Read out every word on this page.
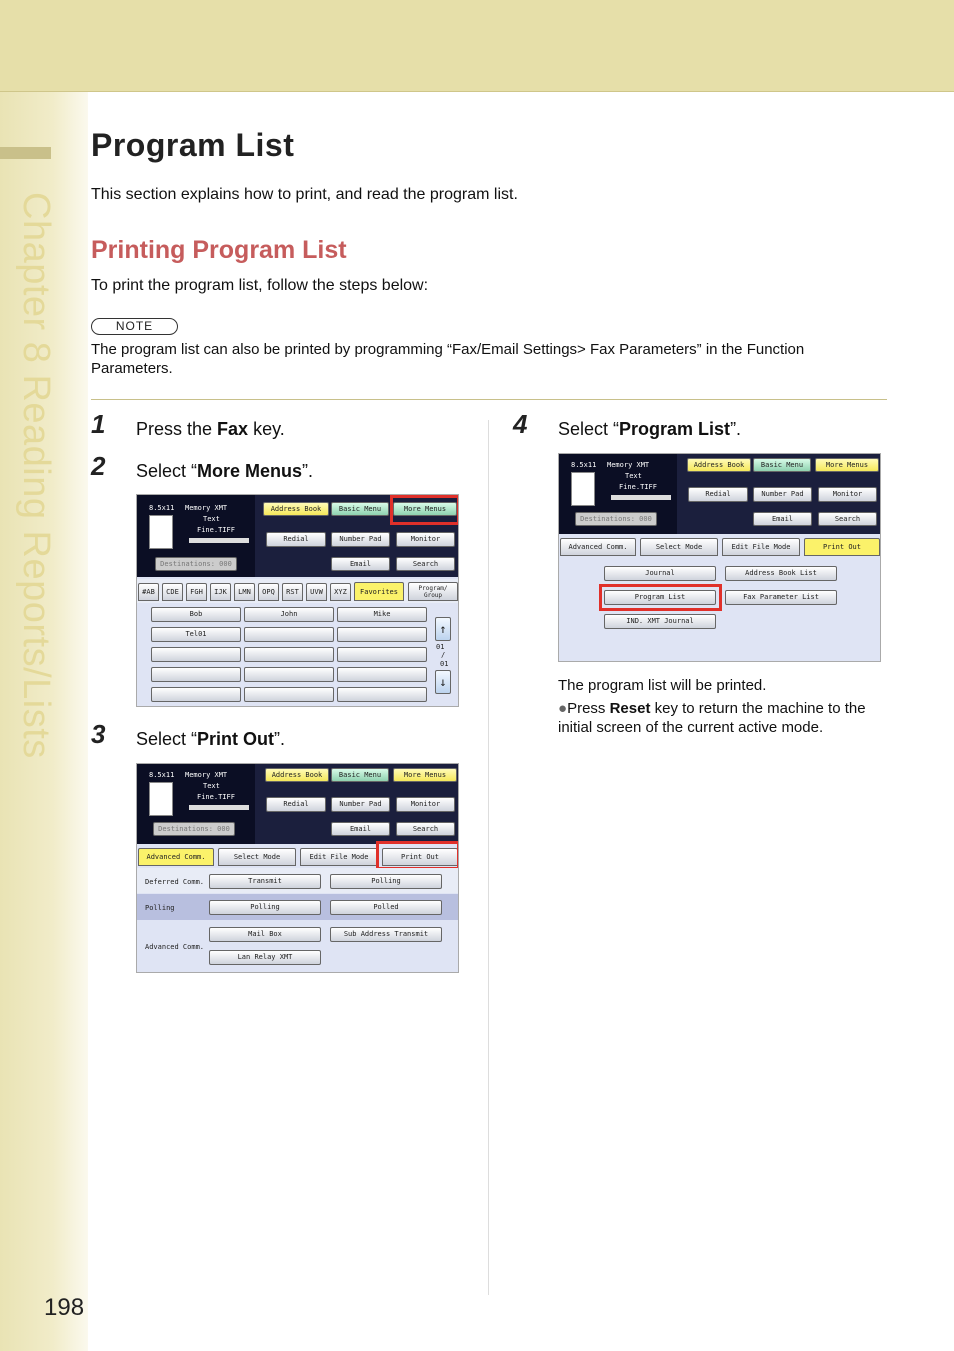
Chapter 8 Reading Reports/Lists
198
Program List
This section explains how to print, and read the program list.
Printing Program List
To print the program list, follow the steps below:
NOTE
The program list can also be printed by programming “Fax/Email Settings> Fax Parameters” in the Function Parameters.
1 Press the Fax key.
2 Select “More Menus”.
8.5x11 Memory XMT
Text
Fine.TIFF
Destinations: 000
Address Book	Basic Menu	More Menus
Redial	Number Pad	Monitor
Email	Search
#AB	CDE	FGH	IJK	LMN	OPQ	RST	UVW	XYZ	Favorites	Program/ Group
Bob	John	Mike
Tel01	↑
01
/
01
↓
3 Select “Print Out”.
8.5x11 Memory XMT
Text
Fine.TIFF
Destinations: 000
Address Book	Basic Menu	More Menus
Redial	Number Pad	Monitor
Email	Search
Advanced Comm.	Select Mode	Edit File Mode	Print Out
Deferred Comm.	Transmit	Polling
Polling	Polling	Polled
Advanced Comm.
Mail Box	Sub Address Transmit
Lan Relay XMT
4 Select “Program List”.
8.5x11 Memory XMT
Text
Fine.TIFF
Destinations: 000
Address Book	Basic Menu	More Menus
Redial	Number Pad	Monitor
Email	Search
Advanced Comm.	Select Mode	Edit File Mode	Print Out
Journal	Address Book List
Program List	Fax Parameter List
IND. XMT Journal
The program list will be printed.
●Press Reset key to return the machine to the initial screen of the current active mode.
